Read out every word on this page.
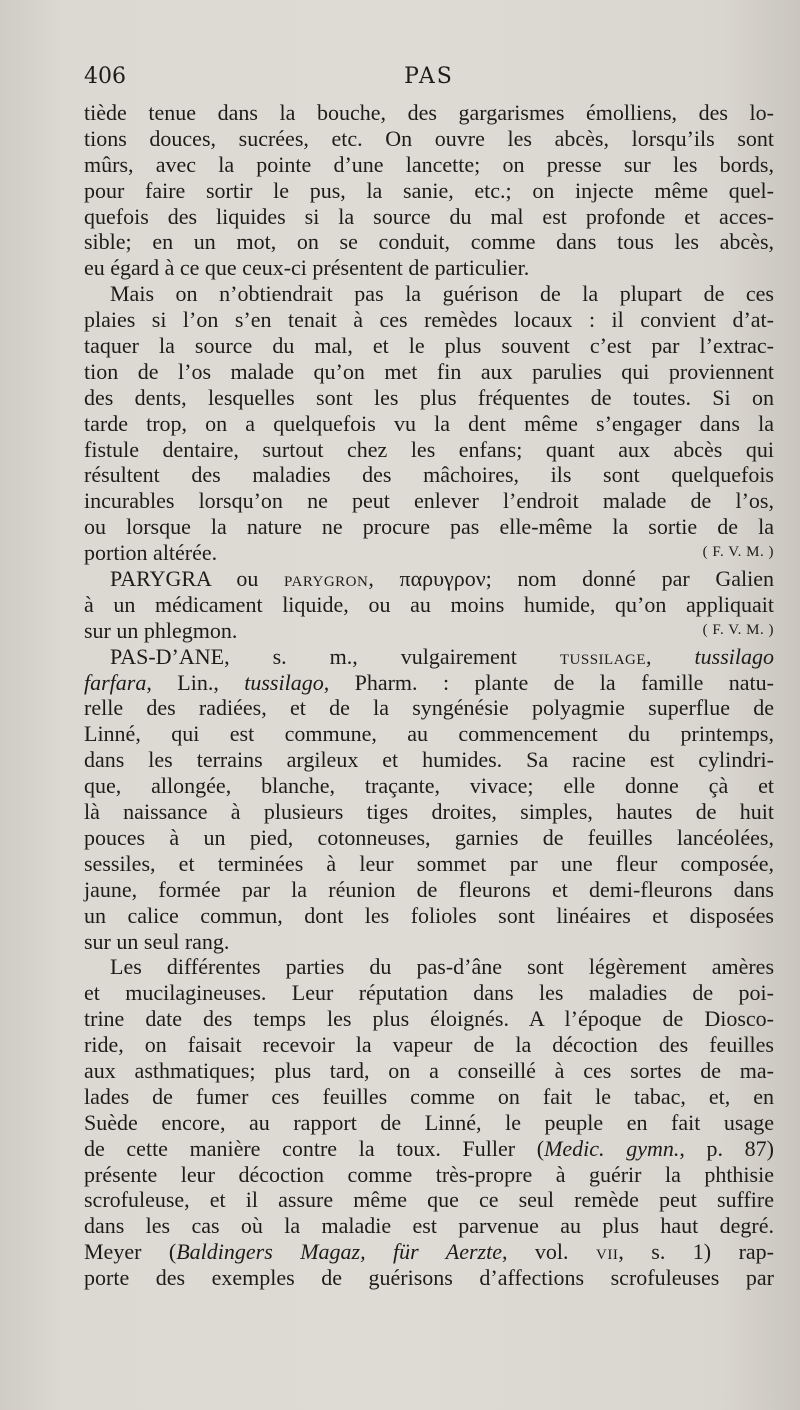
406	PAS
tiède tenue dans la bouche, des gargarismes émolliens, des lo-
tions douces, sucrées, etc. On ouvre les abcès, lorsqu’ils sont
mûrs, avec la pointe d’une lancette; on presse sur les bords,
pour faire sortir le pus, la sanie, etc.; on injecte même quel-
quefois des liquides si la source du mal est profonde et acces-
sible; en un mot, on se conduit, comme dans tous les abcès,
eu égard à ce que ceux-ci présentent de particulier.
Mais on n’obtiendrait pas la guérison de la plupart de ces
plaies si l’on s’en tenait à ces remèdes locaux : il convient d’at-
taquer la source du mal, et le plus souvent c’est par l’extrac-
tion de l’os malade qu’on met fin aux parulies qui proviennent
des dents, lesquelles sont les plus fréquentes de toutes. Si on
tarde trop, on a quelquefois vu la dent même s’engager dans la
fistule dentaire, surtout chez les enfans; quant aux abcès qui
résultent des maladies des mâchoires, ils sont quelquefois
incurables lorsqu’on ne peut enlever l’endroit malade de l’os,
ou lorsque la nature ne procure pas elle-même la sortie de la
portion altérée.	( F. V. M. )
PARYGRA ou PARYGRON, παρυγρον; nom donné par Galien
à un médicament liquide, ou au moins humide, qu’on appliquait
sur un phlegmon.	( F. V. M. )
PAS-D’ANE, s. m., vulgairement TUSSILAGE, tussilago
farfara, Lin., tussilago, Pharm. : plante de la famille natu-
relle des radiées, et de la syngénésie polyagmie superflue de
Linné, qui est commune, au commencement du printemps,
dans les terrains argileux et humides. Sa racine est cylindri-
que, allongée, blanche, traçante, vivace; elle donne çà et
là naissance à plusieurs tiges droites, simples, hautes de huit
pouces à un pied, cotonneuses, garnies de feuilles lancéolées,
sessiles, et terminées à leur sommet par une fleur composée,
jaune, formée par la réunion de fleurons et demi-fleurons dans
un calice commun, dont les folioles sont linéaires et disposées
sur un seul rang.
Les différentes parties du pas-d’âne sont légèrement amères
et mucilagineuses. Leur réputation dans les maladies de poi-
trine date des temps les plus éloignés. A l’époque de Diosco-
ride, on faisait recevoir la vapeur de la décoction des feuilles
aux asthmatiques; plus tard, on a conseillé à ces sortes de ma-
lades de fumer ces feuilles comme on fait le tabac, et, en
Suède encore, au rapport de Linné, le peuple en fait usage
de cette manière contre la toux. Fuller (Medic. gymn., p. 87)
présente leur décoction comme très-propre à guérir la phthisie
scrofuleuse, et il assure même que ce seul remède peut suffire
dans les cas où la maladie est parvenue au plus haut degré.
Meyer (Baldingers Magaz, für Aerzte, vol. VII, s. 1) rap-
porte des exemples de guérisons d’affections scrofuleuses par
